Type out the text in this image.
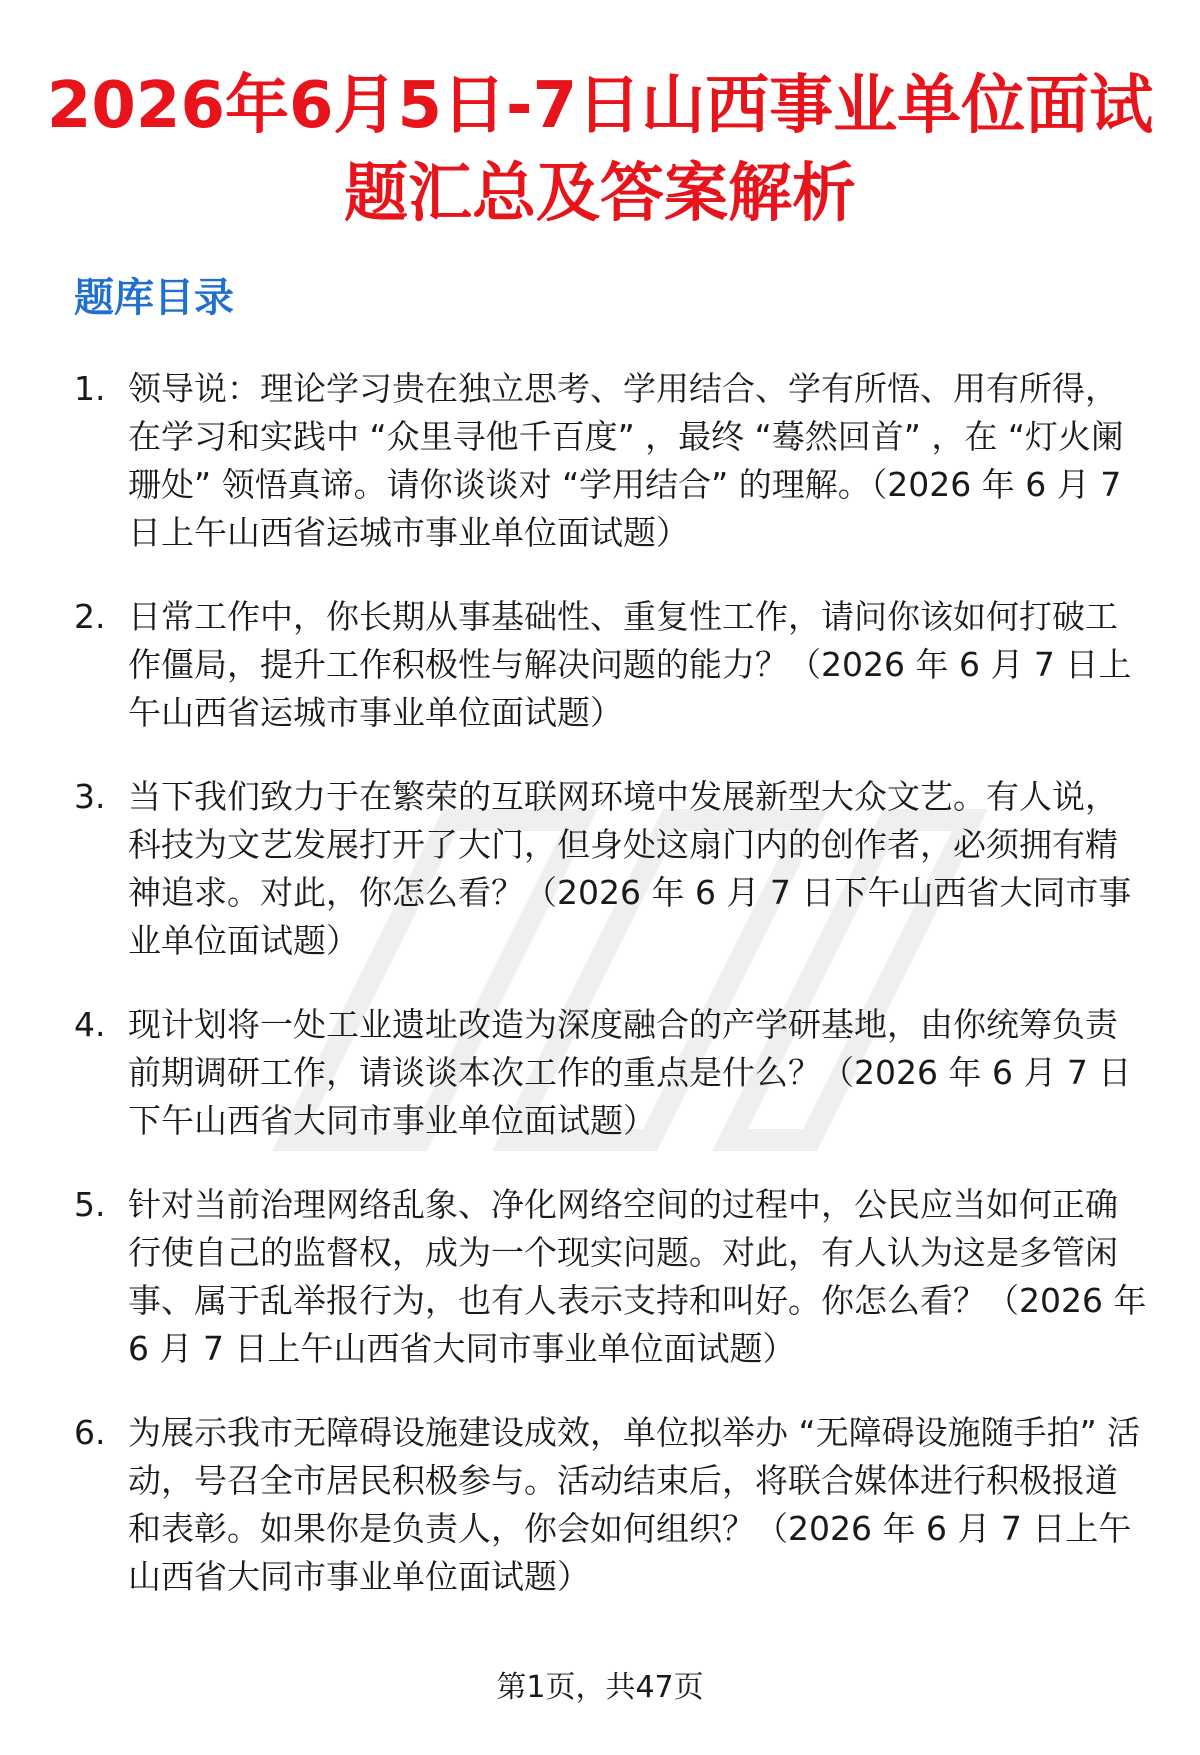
2026年6月5日-7日山西事业单位面试题汇总及答案解析
题库目录
1. 领导说：理论学习贵在独立思考、学用结合、学有所悟、用有所得，在学习和实践中 “众里寻他千百度” ，最终 “蓦然回首” ，在 “灯火阑珊处” 领悟真谛。请你谈谈对 “学用结合” 的理解。（2026 年 6 月 7 日上午山西省运城市事业单位面试题）
2. 日常工作中，你长期从事基础性、重复性工作，请问你该如何打破工作僵局，提升工作积极性与解决问题的能力？（2026 年 6 月 7 日上午山西省运城市事业单位面试题）
3. 当下我们致力于在繁荣的互联网环境中发展新型大众文艺。有人说，科技为文艺发展打开了大门，但身处这扇门内的创作者，必须拥有精神追求。对此，你怎么看？（2026 年 6 月 7 日下午山西省大同市事业单位面试题）
4. 现计划将一处工业遗址改造为深度融合的产学研基地，由你统筹负责前期调研工作，请谈谈本次工作的重点是什么？（2026 年 6 月 7 日下午山西省大同市事业单位面试题）
5. 针对当前治理网络乱象、净化网络空间的过程中，公民应当如何正确行使自己的监督权，成为一个现实问题。对此，有人认为这是多管闲事、属于乱举报行为，也有人表示支持和叫好。你怎么看？（2026 年 6 月 7 日上午山西省大同市事业单位面试题）
6. 为展示我市无障碍设施建设成效，单位拟举办 “无障碍设施随手拍” 活动，号召全市居民积极参与。活动结束后，将联合媒体进行积极报道和表彰。如果你是负责人，你会如何组织？（2026 年 6 月 7 日上午山西省大同市事业单位面试题）
第1页，共47页
